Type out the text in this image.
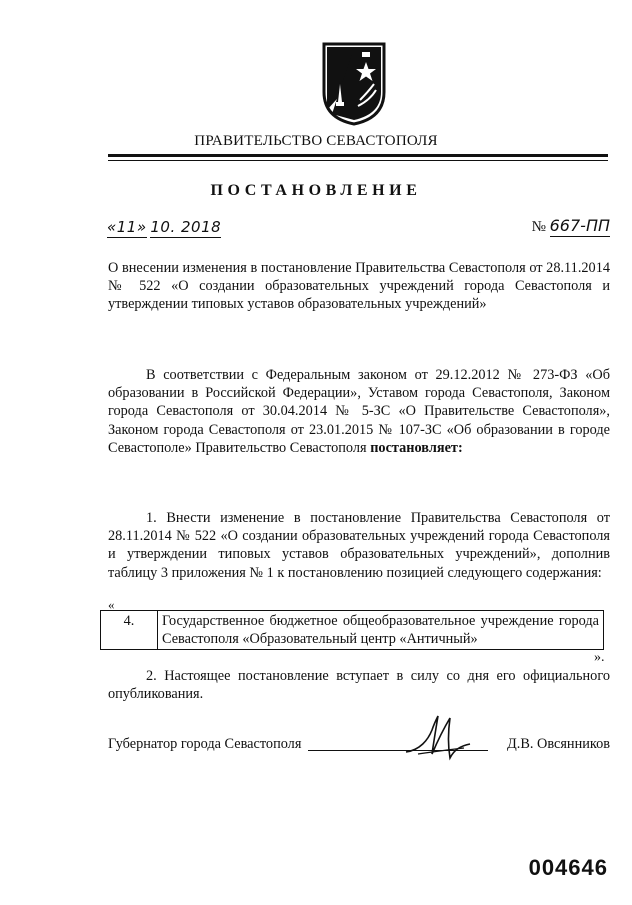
ПРАВИТЕЛЬСТВО СЕВАСТОПОЛЯ
ПОСТАНОВЛЕНИЕ
«11» 10. 2018	№ 667-ПП
О внесении изменения в постановление Правительства Севастополя от 28.11.2014 № 522 «О создании образовательных учреждений города Севастополя и утверждении типовых уставов образовательных учреждений»
В соответствии с Федеральным законом от 29.12.2012 № 273-ФЗ «Об образовании в Российской Федерации», Уставом города Севастополя, Законом города Севастополя от 30.04.2014 № 5-ЗС «О Правительстве Севастополя», Законом города Севастополя от 23.01.2015 № 107-ЗС «Об образовании в городе Севастополе» Правительство Севастополя постановляет:
1. Внести изменение в постановление Правительства Севастополя от 28.11.2014 № 522 «О создании образовательных учреждений города Севастополя и утверждении типовых уставов образовательных учреждений», дополнив таблицу 3 приложения № 1 к постановлению позицией следующего содержания:
«
4.	Государственное бюджетное общеобразовательное учреждение города Севастополя «Образовательный центр «Античный»
».
2. Настоящее постановление вступает в силу со дня его официального опубликования.
Губернатор города Севастополя	Д.В. Овсянников
004646
